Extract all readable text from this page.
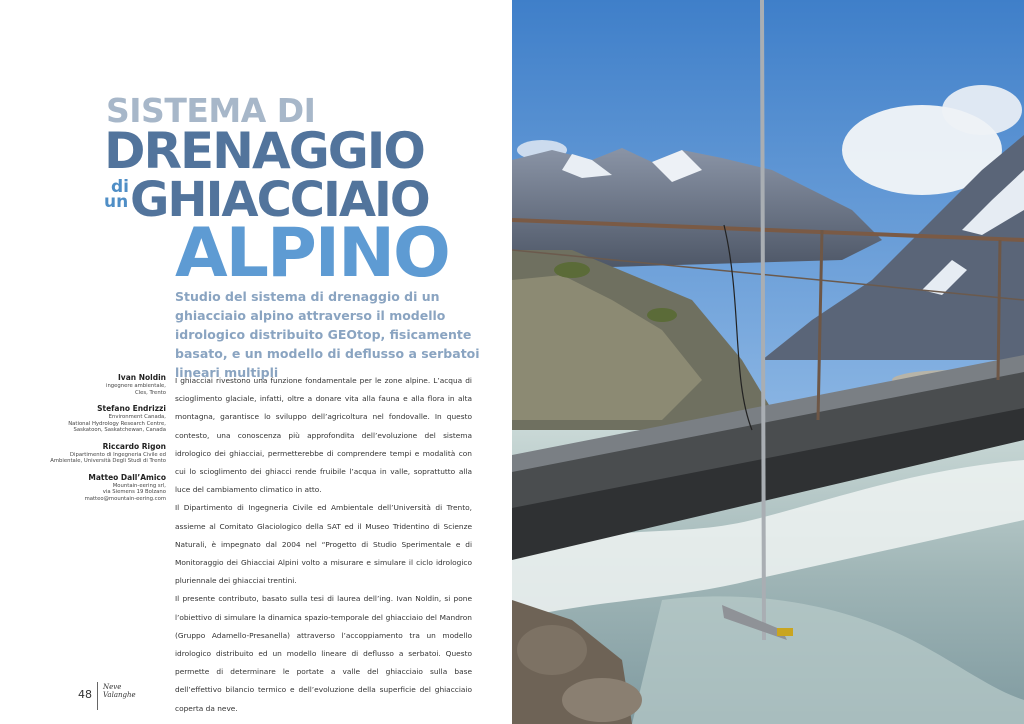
SISTEMA DI
DRENAGGIO
di
un GHIACCIAIO
ALPINO

Studio del sistema di drenaggio di un ghiacciaio alpino attraverso il modello idrologico distribuito GEOtop, fisicamente basato, e un modello di deflusso a serbatoi lineari multipli

Ivan Noldin
ingegnere ambientale,
Cles, Trento
Stefano Endrizzi
Environment Canada,
National Hydrology Research Centre,
Saskatoon, Saskatchewan, Canada
Riccardo Rigon
Dipartimento di Ingegneria Civile ed
Ambientale, Università Degli Studi di Trento
Matteo Dall’Amico
Mountain-eering srl,
via Siemens 19 Bolzano
matteo@mountain-eering.com

I ghiacciai rivestono una funzione fondamentale per le zone alpine. L’acqua di scioglimento glaciale, infatti, oltre a donare vita alla fauna e alla flora in alta montagna, garantisce lo sviluppo dell’agricoltura nel fondovalle. In questo contesto, una conoscenza più approfondita dell’evoluzione del sistema idrologico dei ghiacciai, permetterebbe di comprendere tempi e modalità con cui lo scioglimento dei ghiacci rende fruibile l’acqua in valle, soprattutto alla luce del cambiamento climatico in atto.

Il Dipartimento di Ingegneria Civile ed Ambientale dell’Università di Trento, assieme al Comitato Glaciologico della SAT ed il Museo Tridentino di Scienze Naturali, è impegnato dal 2004 nel “Progetto di Studio Sperimentale e di Monitoraggio dei Ghiacciai Alpini volto a misurare e simulare il ciclo idrologico pluriennale dei ghiacciai trentini.

Il presente contributo, basato sulla tesi di laurea dell’ing. Ivan Noldin, si pone l’obiettivo di simulare la dinamica spazio-temporale del ghiacciaio del Mandron (Gruppo Adamello-Presanella) attraverso l’accoppiamento tra un modello idrologico distribuito ed un modello lineare di deflusso a serbatoi. Questo permette di determinare le portate a valle del ghiacciaio sulla base dell’effettivo bilancio termico e dell’evoluzione della superficie del ghiacciaio coperta da neve.

48
Neve
Valanghe
